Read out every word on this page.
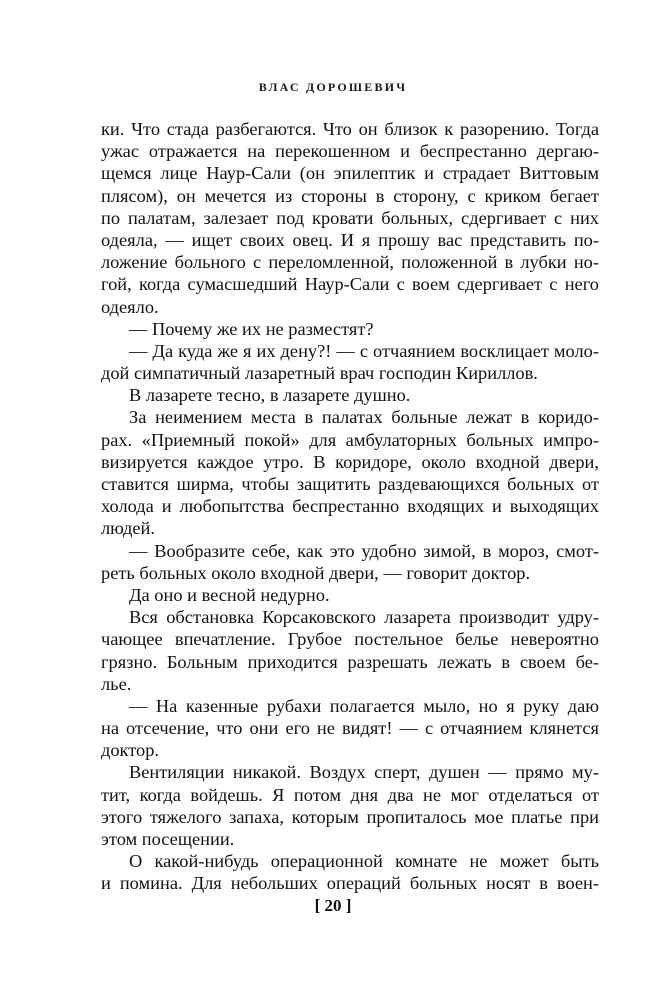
ВЛАС ДОРОШЕВИЧ
ки. Что стада разбегаются. Что он близок к разорению. Тогда
ужас отражается на перекошенном и беспрестанно дергаю-
щемся лице Наур-Сали (он эпилептик и страдает Виттовым
плясом), он мечется из стороны в сторону, с криком бегает
по палатам, залезает под кровати больных, сдергивает с них
одеяла, — ищет своих овец. И я прошу вас представить по-
ложение больного с переломленной, положенной в лубки но-
гой, когда сумасшедший Наур-Сали с воем сдергивает с него
одеяло.
— Почему же их не разместят?
— Да куда же я их дену?! — с отчаянием восклицает моло-
дой симпатичный лазаретный врач господин Кириллов.
В лазарете тесно, в лазарете душно.
За неимением места в палатах больные лежат в коридо-
рах. «Приемный покой» для амбулаторных больных импро-
визируется каждое утро. В коридоре, около входной двери,
ставится ширма, чтобы защитить раздевающихся больных от
холода и любопытства беспрестанно входящих и выходящих
людей.
— Вообразите себе, как это удобно зимой, в мороз, смот-
реть больных около входной двери, — говорит доктор.
Да оно и весной недурно.
Вся обстановка Корсаковского лазарета производит удру-
чающее впечатление. Грубое постельное белье невероятно
грязно. Больным приходится разрешать лежать в своем бе-
лье.
— На казенные рубахи полагается мыло, но я руку даю
на отсечение, что они его не видят! — с отчаянием клянется
доктор.
Вентиляции никакой. Воздух сперт, душен — прямо му-
тит, когда войдешь. Я потом дня два не мог отделаться от
этого тяжелого запаха, которым пропиталось мое платье при
этом посещении.
О какой-нибудь операционной комнате не может быть
и помина. Для небольших операций больных носят в воен-
[ 20 ]
